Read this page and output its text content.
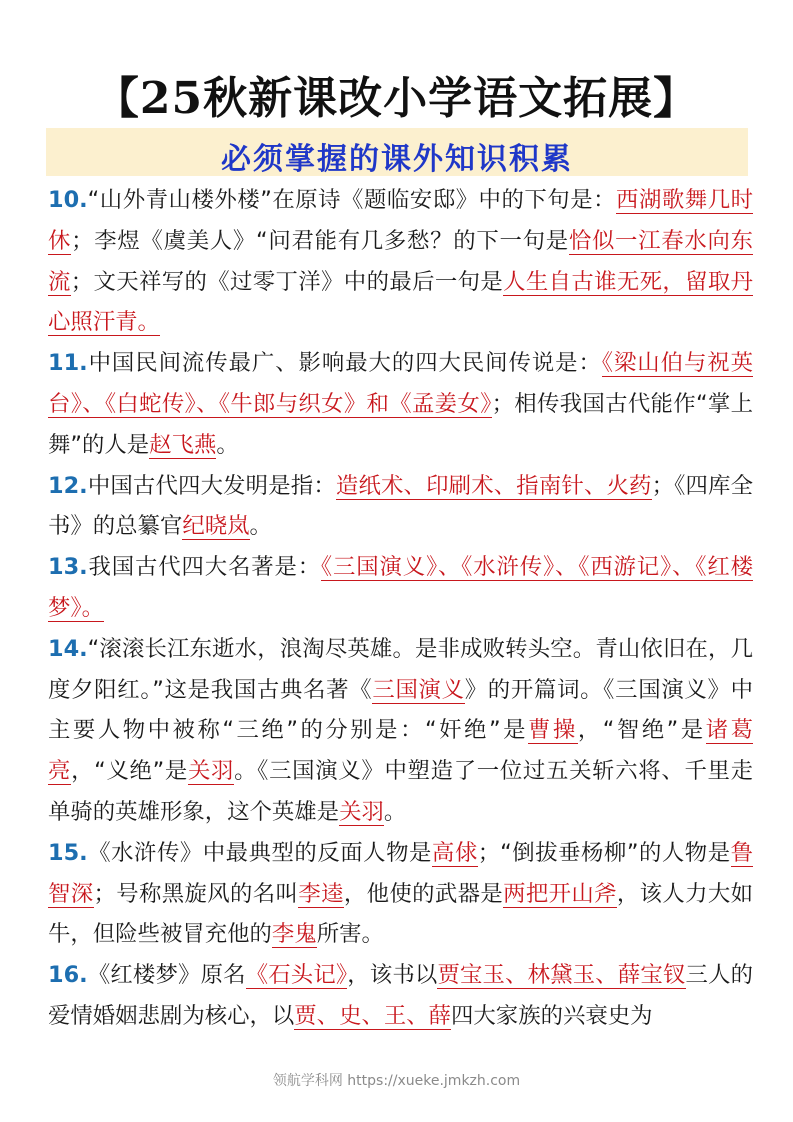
【25秋新课改小学语文拓展】
必须掌握的课外知识积累

10.“山外青山楼外楼”在原诗《题临安邸》中的下句是：西湖歌舞几时休；李煜《虞美人》“问君能有几多愁？的下一句是恰似一江春水向东流；文天祥写的《过零丁洋》中的最后一句是人生自古谁无死，留取丹心照汗青。

11.中国民间流传最广、影响最大的四大民间传说是：《梁山伯与祝英台》、《白蛇传》、《牛郎与织女》和《孟姜女》；相传我国古代能作“掌上舞”的人是赵飞燕。

12.中国古代四大发明是指：造纸术、印刷术、指南针、火药；《四库全书》的总纂官纪晓岚。

13.我国古代四大名著是：《三国演义》、《水浒传》、《西游记》、《红楼梦》。

14.“滚滚长江东逝水，浪淘尽英雄。是非成败转头空。青山依旧在，几度夕阳红。”这是我国古典名著《三国演义》的开篇词。《三国演义》中主要人物中被称“三绝”的分别是：“奸绝”是曹操，“智绝”是诸葛亮，“义绝”是关羽。《三国演义》中塑造了一位过五关斩六将、千里走单骑的英雄形象，这个英雄是关羽。

15.《水浒传》中最典型的反面人物是高俅；“倒拔垂杨柳”的人物是鲁智深；号称黑旋风的名叫李逵，他使的武器是两把开山斧，该人力大如牛，但险些被冒充他的李鬼所害。

16.《红楼梦》原名《石头记》，该书以贾宝玉、林黛玉、薛宝钗三人的爱情婚姻悲剧为核心，以贾、史、王、薛四大家族的兴衰史为

领航学科网 https://xueke.jmkzh.com
